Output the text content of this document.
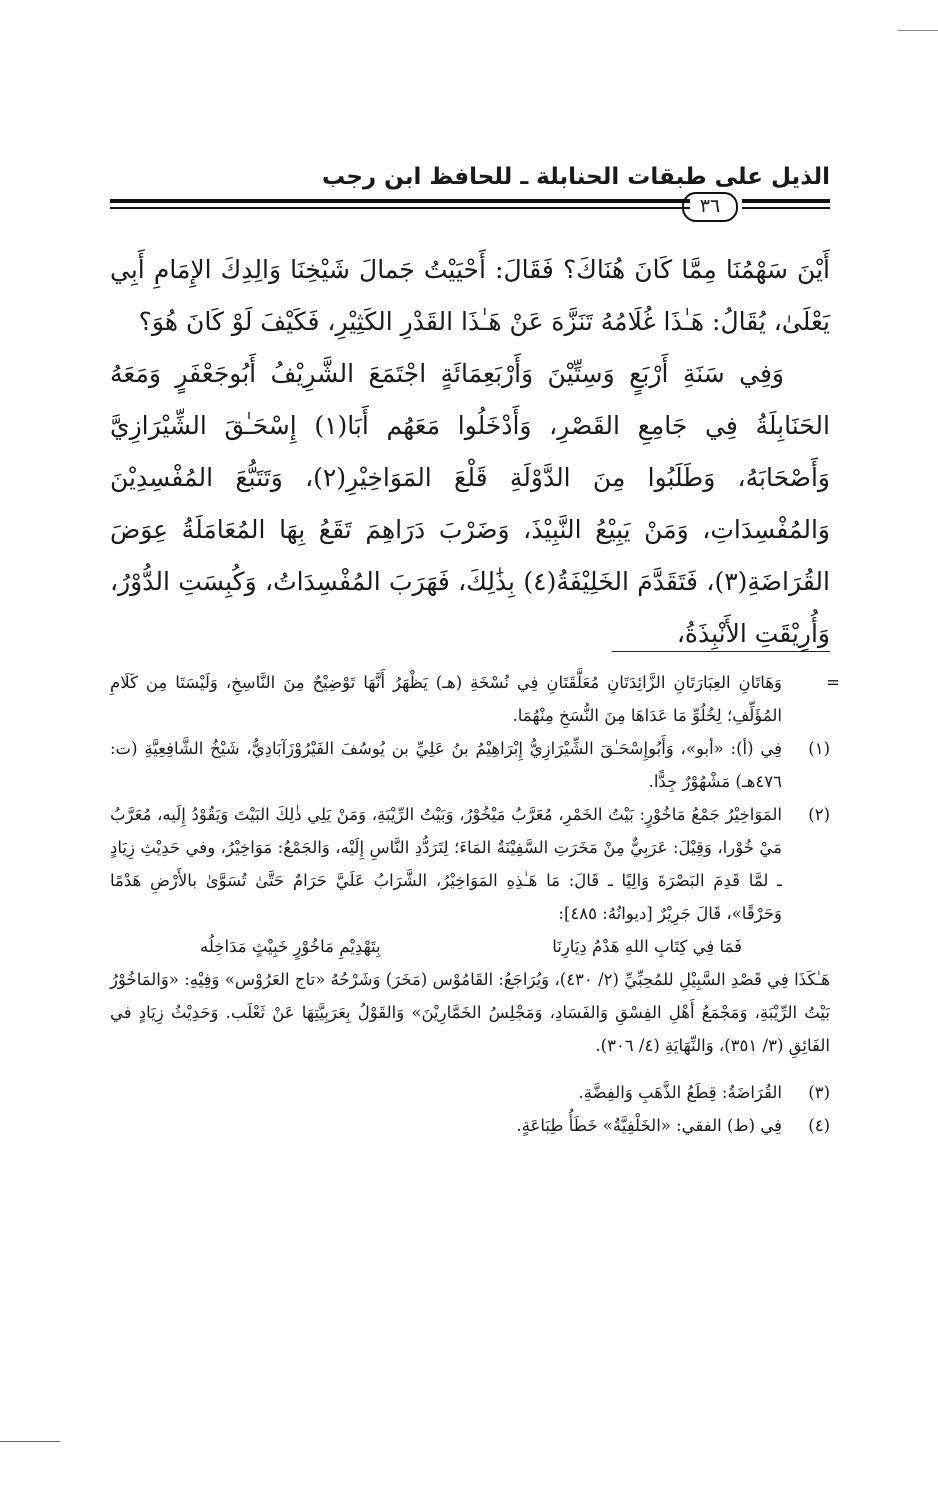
الذيل على طبقات الحنابلة ـ للحافظ ابن رجب
٣٦

أَيْنَ سَهْمُنَا مِمَّا كَانَ هُنَاكَ؟ فَقَالَ: أَحْيَيْتُ جَمالَ شَيْخِنَا وَالِدِكَ الإِمَامِ أَبِي يَعْلَىٰ، يُقَالُ: هَـٰذَا غُلَامُهُ تَنَزَّهَ عَنْ هَـٰذَا القَدْرِ الكَثِيْرِ، فَكَيْفَ لَوْ كَانَ هُوَ؟

وَفِي سَنَةِ أَرْبَعٍ وَسِتِّيْنَ وَأَرْبَعِمَائَةٍ اجْتَمَعَ الشَّرِيْفُ أَبُوجَعْفَرٍ وَمَعَهُ الحَنَابِلَةُ فِي جَامِعِ القَصْرِ، وَأَدْخَلُوا مَعَهُم أَبَا(١) إِسْحَـٰقَ الشِّيْرَازِيَّ وَأَصْحَابَهُ، وَطَلَبُوا مِنَ الدَّوْلَةِ قَلْعَ المَوَاخِيْرِ(٢)، وَتَتَبُّعَ المُفْسِدِيْنَ وَالمُفْسِدَاتِ، وَمَنْ يَبِيْعُ النَّبِيْذَ، وَضَرْبَ دَرَاهِمَ تَقَعُ بِهَا المُعَامَلَةُ عِوَضَ القُرَاضَةِ(٣)، فَتَقَدَّمَ الخَلِيْفَةُ(٤) بِذَٰلِكَ، فَهَرَبَ المُفْسِدَاتُ، وَكُبِسَتِ الدُّوْرُ، وَأُرِيْقَتِ الأَنْبِذَةُ،

=

وَهَاتَانِ العِبَارَتَانِ الزَّائِدَتَانِ مُعَلَّقَتَانِ فِي نُسْخَةِ (هـ) يَظْهَرُ أَنَّهَا تَوْضِيْحٌ مِنَ النَّاسِخِ، وَلَيْسَتَا مِن كَلَامِ المُؤَلِّفِ؛ لِخُلُوِّ مَا عَدَاهَا مِنَ النُّسَخِ مِنْهُمَا.

(١)

فِي (أ): «أبو»، وَأَبُوإِسْحَـٰقَ الشِّيْرَازِيُّ إِبْرَاهِيْمُ بنُ عَلِيِّ بن يُوسُفَ الفَيْرُوْزَآبَادِيُّ، شَيْخُ الشَّافِعِيَّةِ (ت: ٤٧٦هـ) مَشْهُوْرٌ جِدًّا.

(٢)

المَوَاخِيْرُ جَمْعُ مَاخُوْرٍ: بَيْتُ الخَمْرِ، مُعَرَّبُ مَيْخُوْرُ، وَبَيْتُ الرِّيْبَةِ، وَمَنْ يَلِي ذٰلِكَ البَيْتَ وَيَقُوْدُ إِلَيه، مُعَرَّبُ مَيْ خُوْرا، وَقِيْلَ: عَرَبِيٌّ مِنْ مَخَرَتِ السَّفِيْنَةُ المَاءَ؛ لِتَرَدُّدِ النَّاسِ إِلَيْه، وَالجَمْعُ: مَوَاخِيْرُ، وفي حَدِيْثِ زِيَادٍ ـ لمَّا قَدِمَ البَصْرَةَ وَالِيًا ـ قَالَ: مَا هَـٰذِهِ المَوَاخِيْرُ، الشَّرَابُ عَلَيَّ حَرَامٌ حَتَّىٰ تُسَوَّىٰ بالأَرْضِ هَدْمًا وَحَرْقًا»، قَالَ جَرِيْرٌ [ديوانُهُ: ٤٨٥]:

فَمَا فِي كِتَابِ اللهِ هَدْمُ دِيَارِنَا
بِتَهْدِيْمِ مَاخُوْرٍ خَبِيْثٍ مَدَاخِلُه

هَـٰكَذَا فِي قَصْدِ السَّبِيْلِ للمُحِبِّيِّ (٢/ ٤٣٠)، وَيُرَاجَعُ: القَامُوْس (مَخَرَ) وَشَرْحُهُ «تاج العَرُوْس» وَفِيْهِ: «وَالمَاخُوْرُ بَيْتُ الرِّيْبَةِ، وَمَجْمَعُ أَهْلِ الفِسْقِ وَالفَسَادِ، وَمَجْلِسُ الخَمَّارِيْنَ» وَالقَوْلُ بِعَرَبِيَّتِهَا عَنْ ثَعْلَب. وَحَدِيْثُ زِيَادٍ في الفَائِقِ (٣/ ٣٥١)، وَالنِّهَايَةِ (٤/ ٣٠٦).

(٣)

القُرَاضَةُ: قِطَعُ الذَّهَبِ وَالفِضَّةِ.

(٤)

فِي (ط) الفقي: «الخَلْفِيَّةُ» خَطَأُ طِبَاعَةٍ.
